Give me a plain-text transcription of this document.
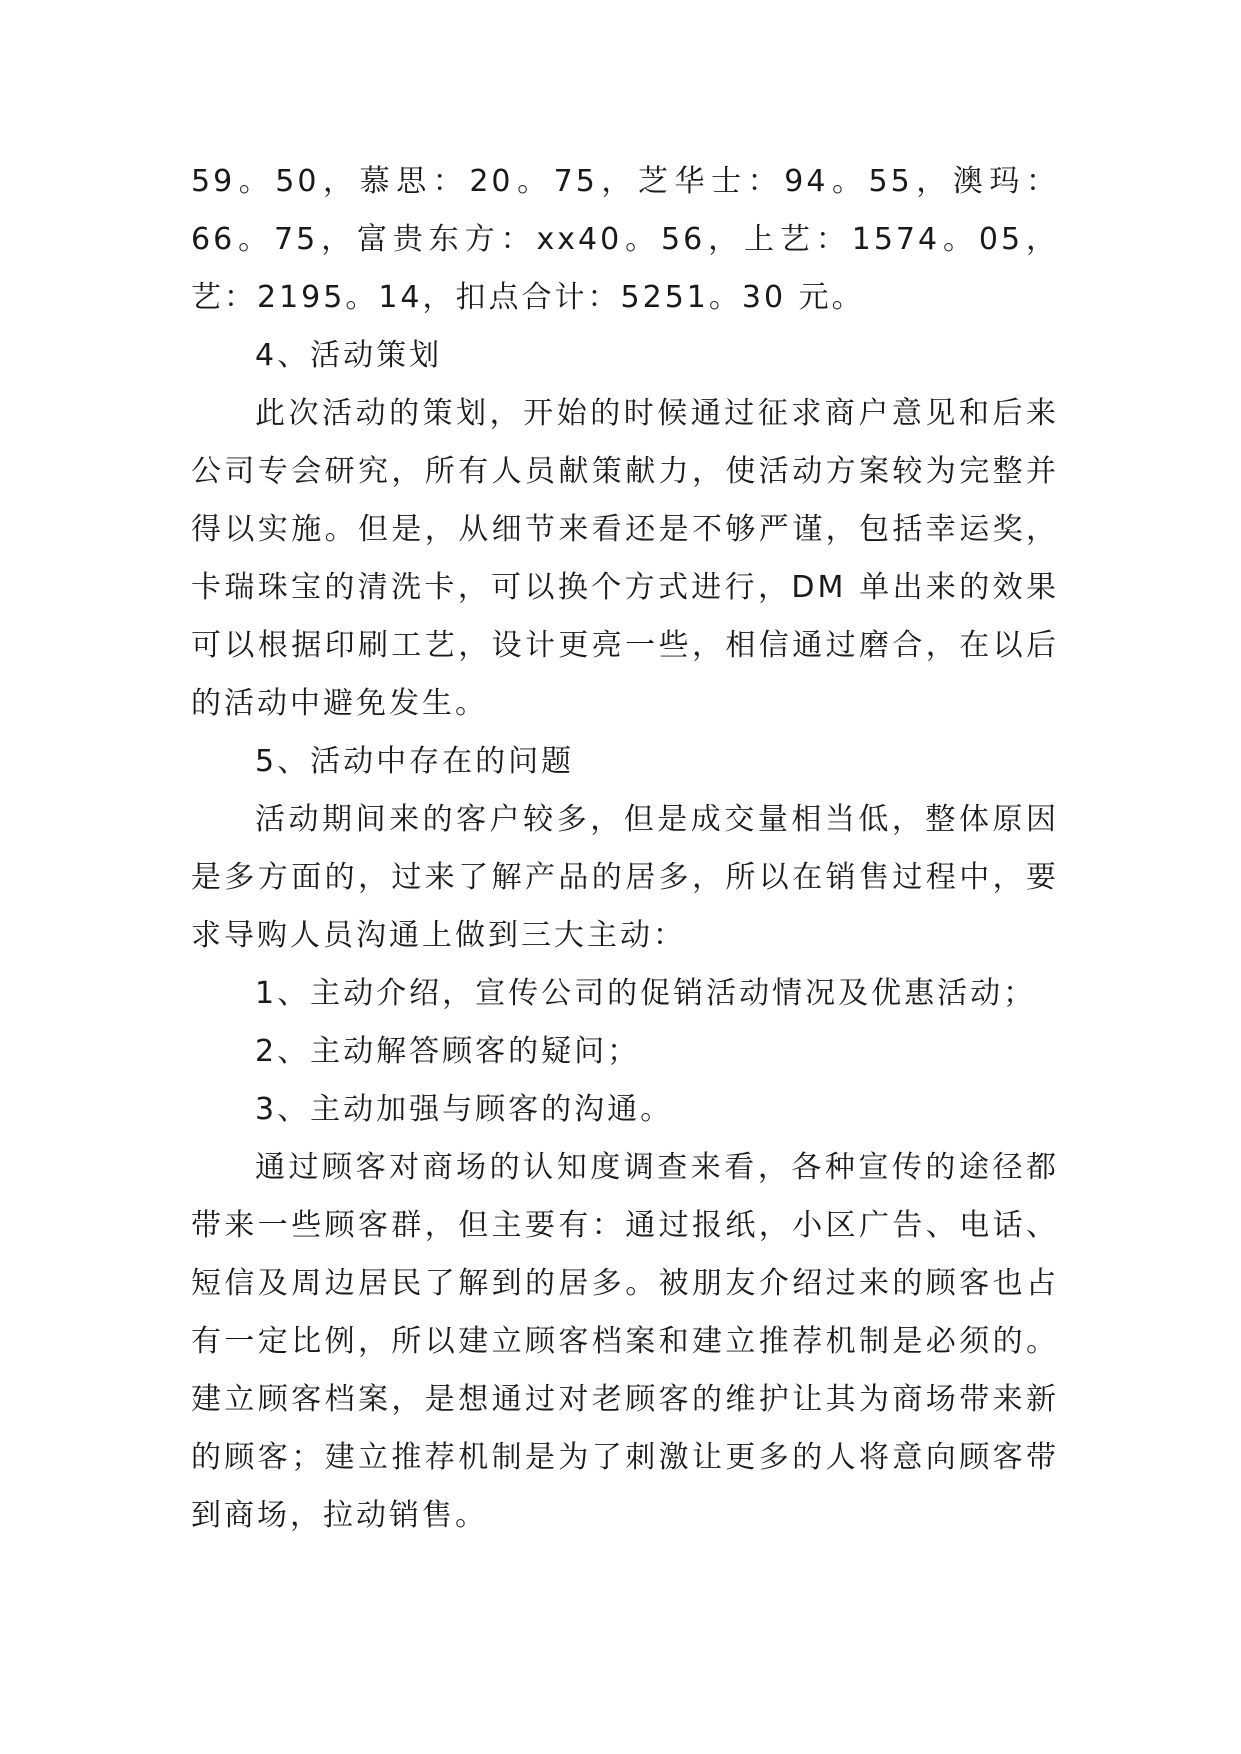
59。50，慕思：20。75，芝华士：94。55，澳玛：66。75，富贵东方：xx40。56，上艺：1574。05，艺：2195。14，扣点合计：5251。30 元。

4、活动策划

此次活动的策划，开始的时候通过征求商户意见和后来公司专会研究，所有人员献策献力，使活动方案较为完整并得以实施。但是，从细节来看还是不够严谨，包括幸运奖，卡瑞珠宝的清洗卡，可以换个方式进行，DM 单出来的效果可以根据印刷工艺，设计更亮一些，相信通过磨合，在以后的活动中避免发生。

5、活动中存在的问题

活动期间来的客户较多，但是成交量相当低，整体原因是多方面的，过来了解产品的居多，所以在销售过程中，要求导购人员沟通上做到三大主动：

1、主动介绍，宣传公司的促销活动情况及优惠活动；

2、主动解答顾客的疑问；

3、主动加强与顾客的沟通。

通过顾客对商场的认知度调查来看，各种宣传的途径都带来一些顾客群，但主要有：通过报纸，小区广告、电话、短信及周边居民了解到的居多。被朋友介绍过来的顾客也占有一定比例，所以建立顾客档案和建立推荐机制是必须的。建立顾客档案，是想通过对老顾客的维护让其为商场带来新的顾客；建立推荐机制是为了刺激让更多的人将意向顾客带到商场，拉动销售。
